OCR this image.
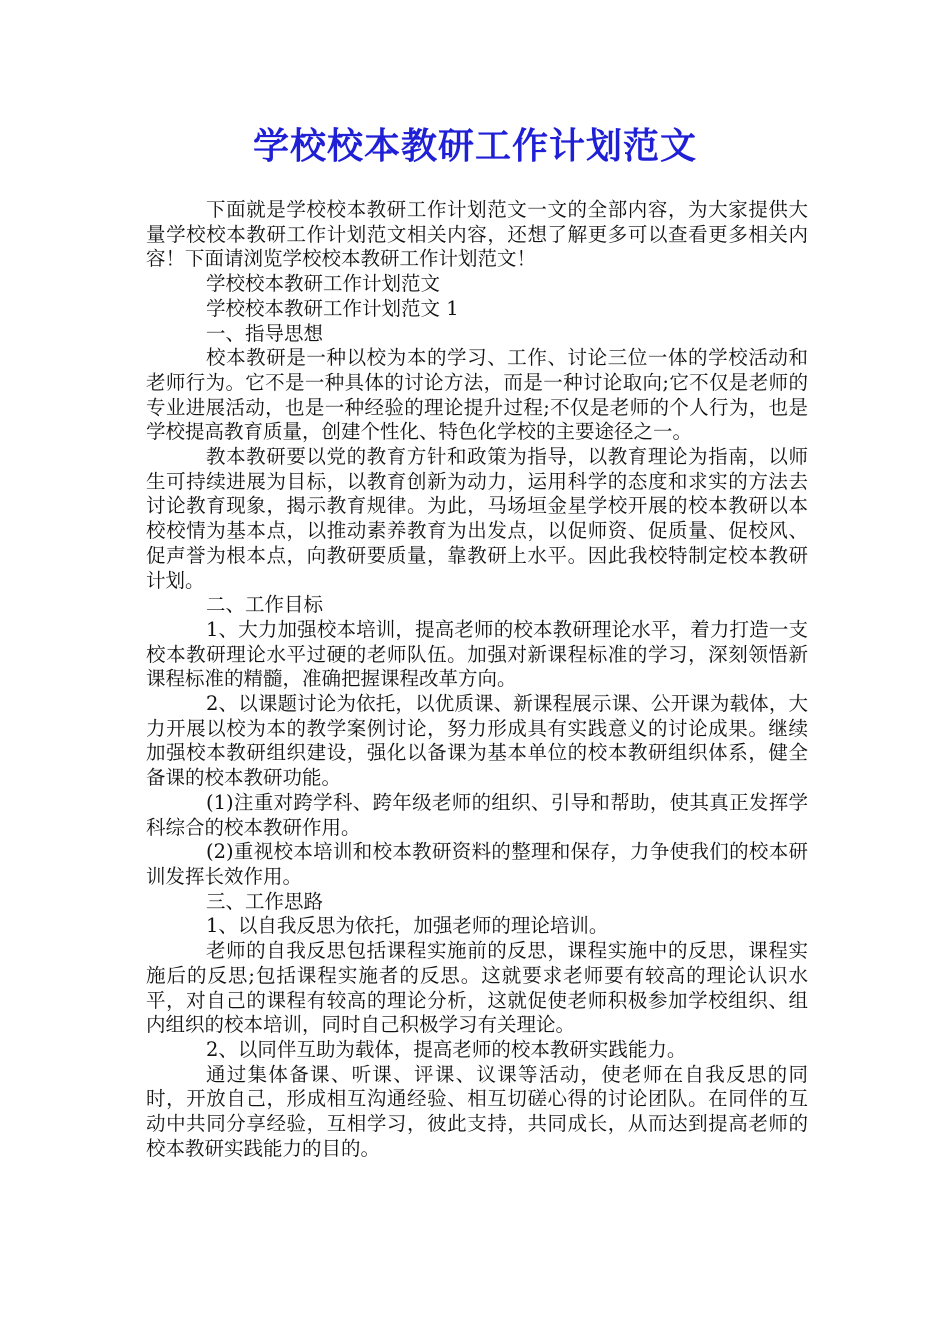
学校校本教研工作计划范文

下面就是学校校本教研工作计划范文一文的全部内容，为大家提供大量学校校本教研工作计划范文相关内容，还想了解更多可以查看更多相关内容！下面请浏览学校校本教研工作计划范文！

学校校本教研工作计划范文

学校校本教研工作计划范文 1

一、指导思想

校本教研是一种以校为本的学习、工作、讨论三位一体的学校活动和老师行为。它不是一种具体的讨论方法，而是一种讨论取向;它不仅是老师的专业进展活动，也是一种经验的理论提升过程;不仅是老师的个人行为，也是学校提高教育质量，创建个性化、特色化学校的主要途径之一。

教本教研要以党的教育方针和政策为指导，以教育理论为指南，以师生可持续进展为目标，以教育创新为动力，运用科学的态度和求实的方法去讨论教育现象，揭示教育规律。为此，马场垣金星学校开展的校本教研以本校校情为基本点，以推动素养教育为出发点，以促师资、促质量、促校风、促声誉为根本点，向教研要质量，靠教研上水平。因此我校特制定校本教研计划。

二、工作目标

1、大力加强校本培训，提高老师的校本教研理论水平，着力打造一支校本教研理论水平过硬的老师队伍。加强对新课程标准的学习，深刻领悟新课程标准的精髓，准确把握课程改革方向。

2、以课题讨论为依托，以优质课、新课程展示课、公开课为载体，大力开展以校为本的教学案例讨论，努力形成具有实践意义的讨论成果。继续加强校本教研组织建设，强化以备课为基本单位的校本教研组织体系，健全备课的校本教研功能。

(1)注重对跨学科、跨年级老师的组织、引导和帮助，使其真正发挥学科综合的校本教研作用。

(2)重视校本培训和校本教研资料的整理和保存，力争使我们的校本研训发挥长效作用。

三、工作思路

1、以自我反思为依托，加强老师的理论培训。

老师的自我反思包括课程实施前的反思，课程实施中的反思，课程实施后的反思;包括课程实施者的反思。这就要求老师要有较高的理论认识水平，对自己的课程有较高的理论分析，这就促使老师积极参加学校组织、组内组织的校本培训，同时自己积极学习有关理论。

2、以同伴互助为载体，提高老师的校本教研实践能力。

通过集体备课、听课、评课、议课等活动，使老师在自我反思的同时，开放自己，形成相互沟通经验、相互切磋心得的讨论团队。在同伴的互动中共同分享经验，互相学习，彼此支持，共同成长，从而达到提高老师的校本教研实践能力的目的。
